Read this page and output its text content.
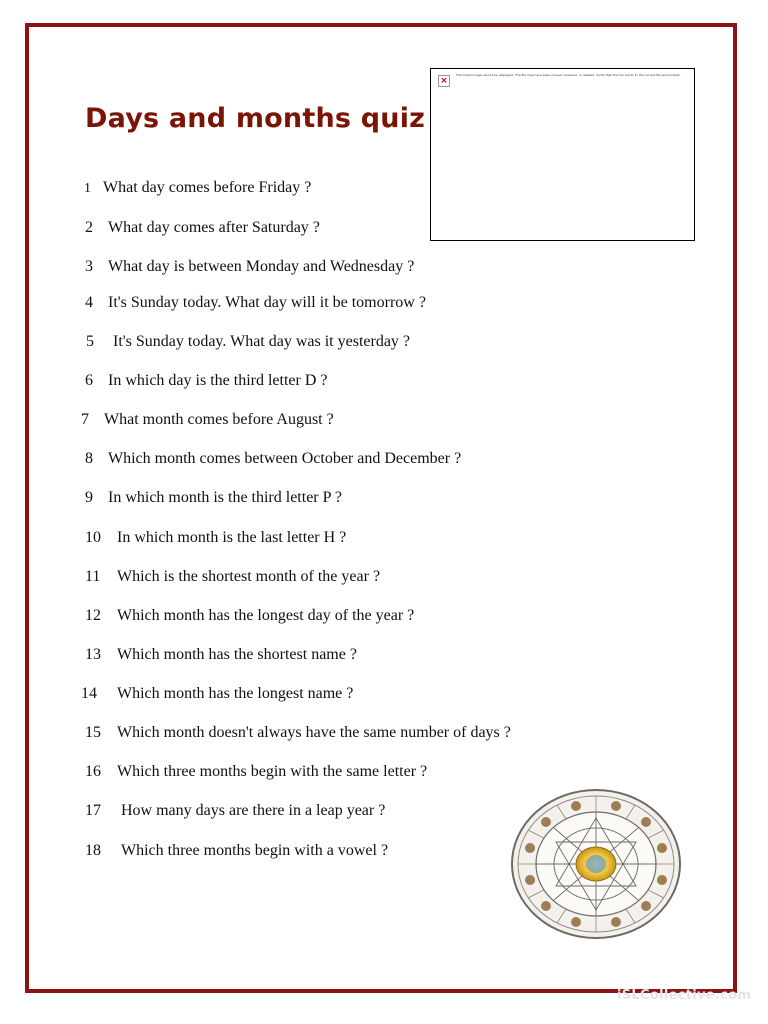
Days and months quiz
×
The linked image cannot be displayed. The file may have been moved, renamed, or deleted. Verify that the link points to the correct file and location.
1 What day comes before Friday ?
2 What day comes after Saturday ?
3 What day is between Monday and Wednesday ?
4 It's Sunday today. What day will it be tomorrow ?
5 It's Sunday today. What day was it yesterday ?
6 In which day is the third letter D ?
7 What month comes before August ?
8 Which month comes between October and December ?
9 In which month is the third letter P ?
10 In which month is the last letter H ?
11 Which is the shortest month of the year ?
12 Which month has the longest day of the year ?
13 Which month has the shortest name ?
14 Which month has the longest name ?
15 Which month doesn't always have the same number of days ?
16 Which three months begin with the same letter ?
17 How many days are there in a leap year ?
18 Which three months begin with a vowel ?
iSLCollective.com
